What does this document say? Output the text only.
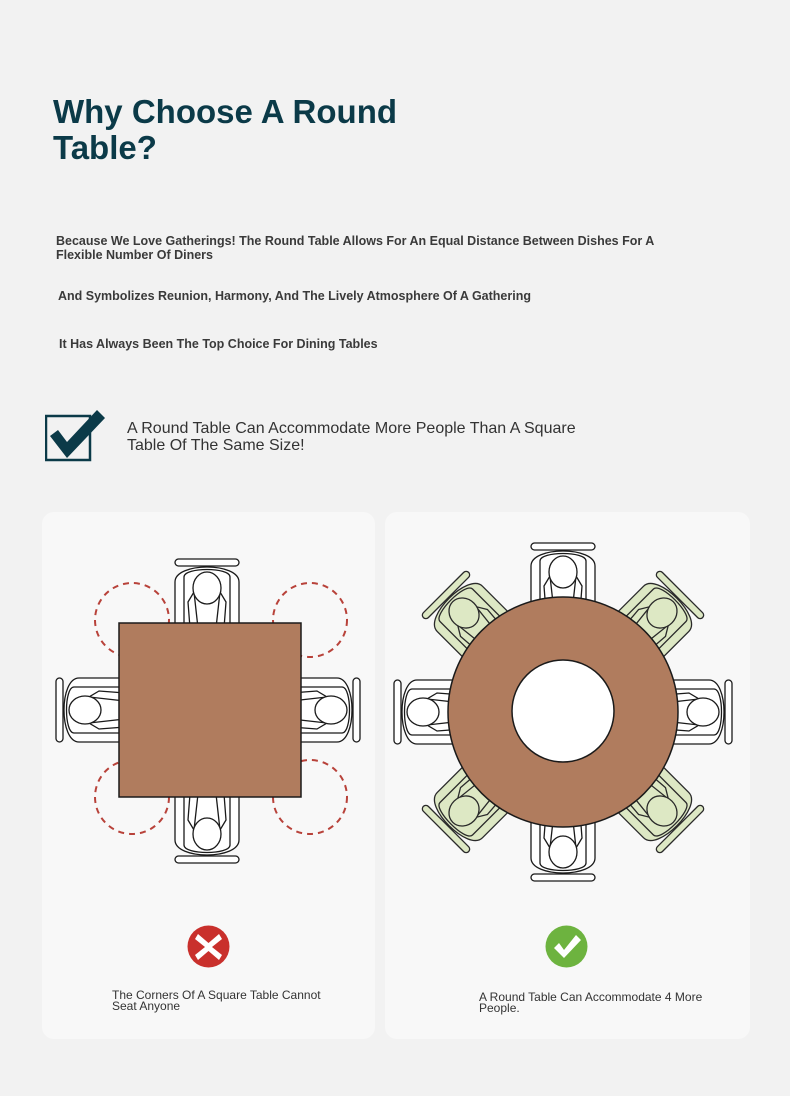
Why Choose A Round Table?

Because We Love Gatherings! The Round Table Allows For An Equal Distance Between Dishes For A Flexible Number Of Diners

And Symbolizes Reunion, Harmony, And The Lively Atmosphere Of A Gathering

It Has Always Been The Top Choice For Dining Tables

A Round Table Can Accommodate More People Than A Square Table Of The Same Size!

The Corners Of A Square Table Cannot Seat Anyone

A Round Table Can Accommodate 4 More People.
